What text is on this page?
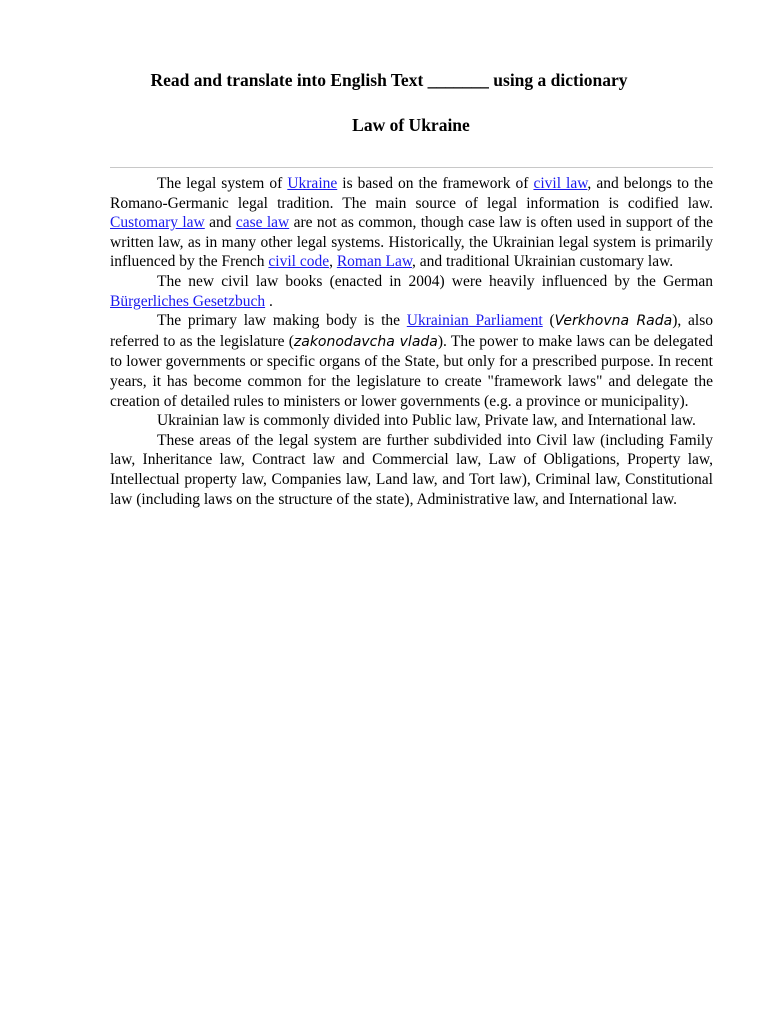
Read and translate into English Text _______ using a dictionary
Law of Ukraine

The legal system of Ukraine is based on the framework of civil law, and belongs to the Romano-Germanic legal tradition. The main source of legal information is codified law. Customary law and case law are not as common, though case law is often used in support of the written law, as in many other legal systems. Historically, the Ukrainian legal system is primarily influenced by the French civil code, Roman Law, and traditional Ukrainian customary law.

The new civil law books (enacted in 2004) were heavily influenced by the German Bürgerliches Gesetzbuch .

The primary law making body is the Ukrainian Parliament (Verkhovna Rada), also referred to as the legislature (zakonodavcha vlada). The power to make laws can be delegated to lower governments or specific organs of the State, but only for a prescribed purpose. In recent years, it has become common for the legislature to create "framework laws" and delegate the creation of detailed rules to ministers or lower governments (e.g. a province or municipality).

Ukrainian law is commonly divided into Public law, Private law, and International law.

These areas of the legal system are further subdivided into Civil law (including Family law, Inheritance law, Contract law and Commercial law, Law of Obligations, Property law, Intellectual property law, Companies law, Land law, and Tort law), Criminal law, Constitutional law (including laws on the structure of the state), Administrative law, and International law.
